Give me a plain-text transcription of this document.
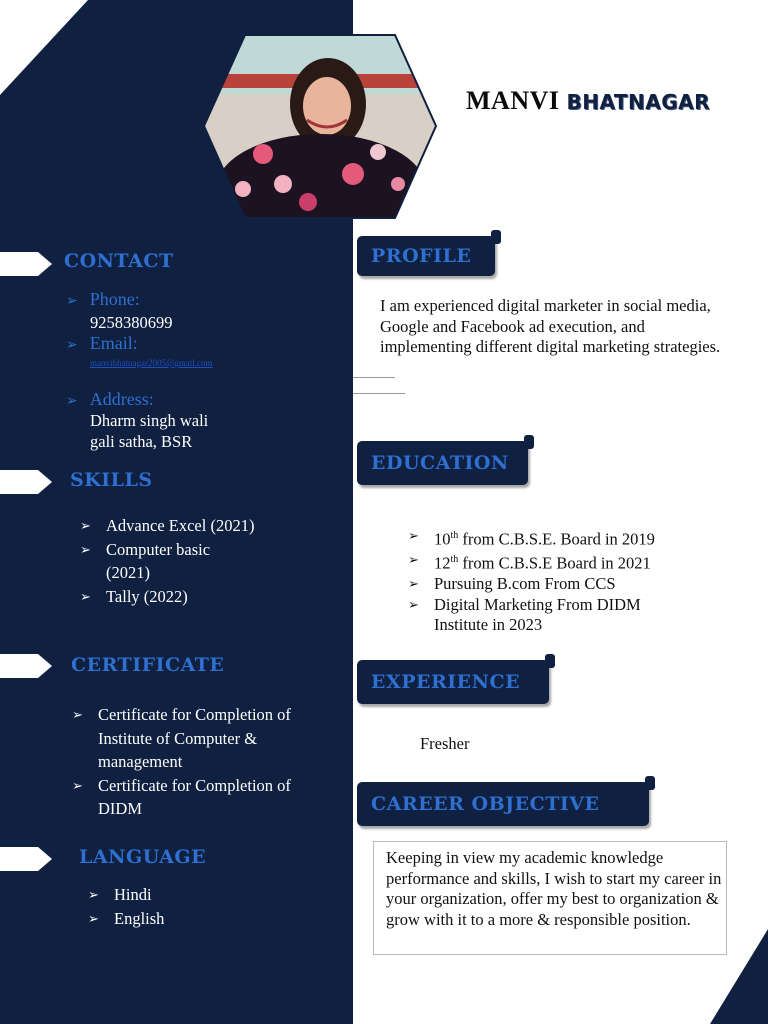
MANVI BHATNAGAR
CONTACT
➢ Phone:
9258380699
➢ Email:
manvibhatnagar2005@gmail.com
➢ Address:
Dharm singh wali
gali satha, BSR
SKILLS
➢ Advance Excel (2021)
➢ Computer basic
(2021)
➢ Tally (2022)
CERTIFICATE
➢ Certificate for Completion of
Institute of Computer &
management
➢ Certificate for Completion of
DIDM
LANGUAGE
➢ Hindi
➢ English
PROFILE
I am experienced digital marketer in social media, Google and Facebook ad execution, and implementing different digital marketing strategies.
EDUCATION
➢ 10th from C.B.S.E. Board in 2019
➢ 12th from C.B.S.E Board in 2021
➢ Pursuing B.com From CCS
➢ Digital Marketing From DIDM
Institute in 2023
EXPERIENCE
Fresher
CAREER OBJECTIVE
Keeping in view my academic knowledge performance and skills, I wish to start my career in your organization, offer my best to organization & grow with it to a more & responsible position.
